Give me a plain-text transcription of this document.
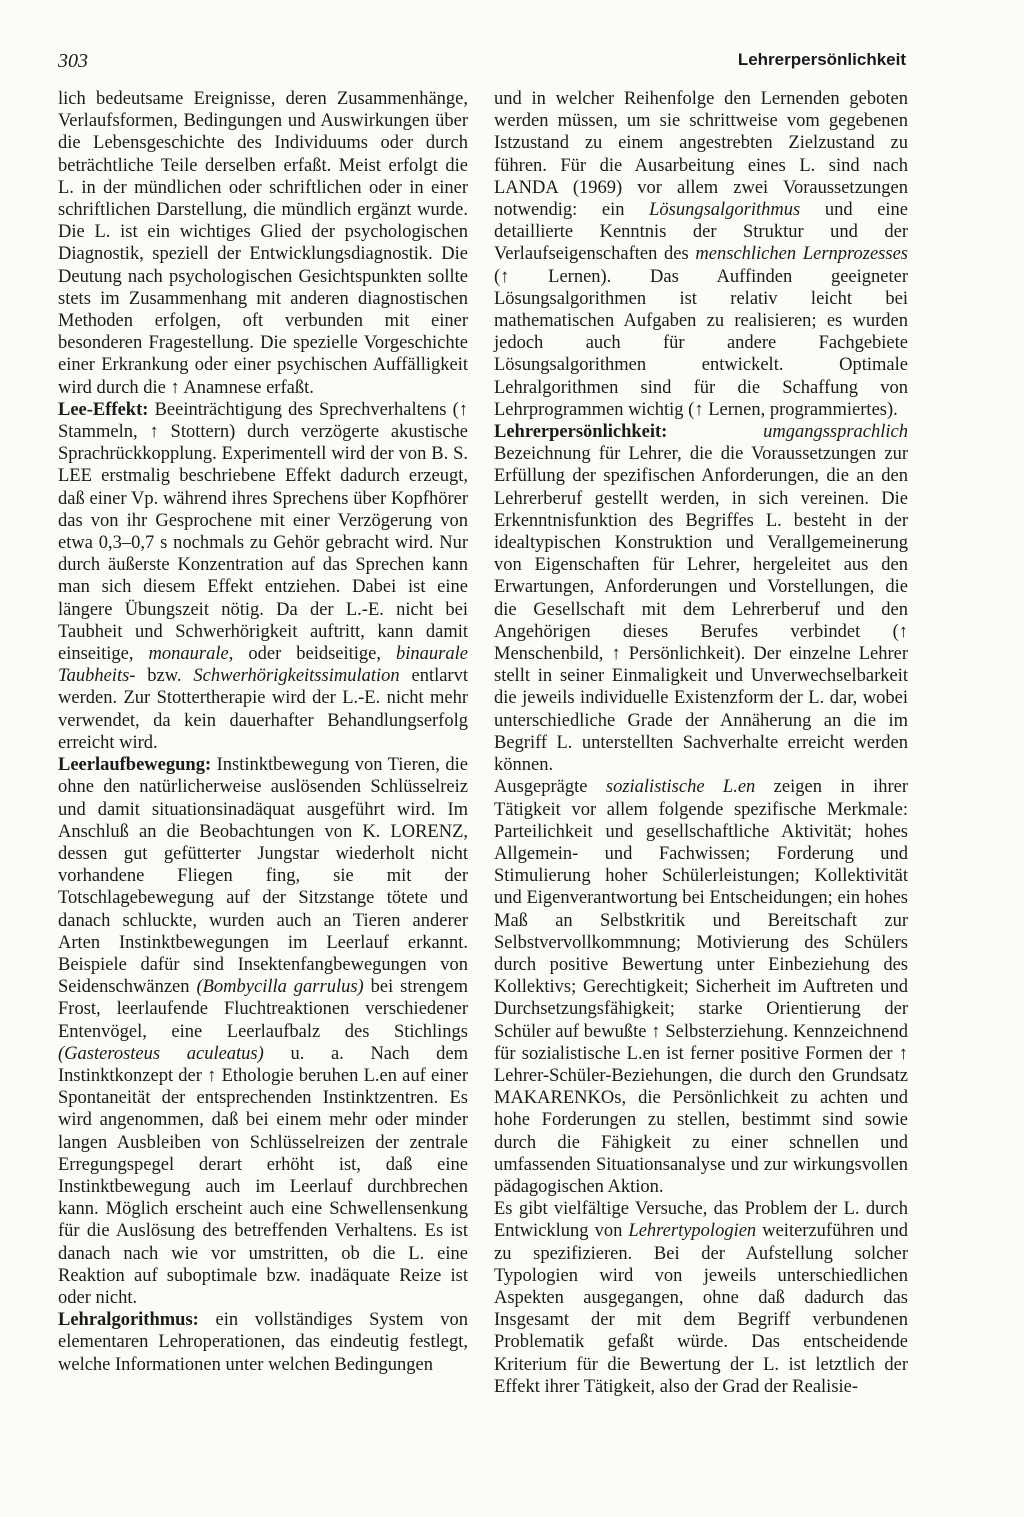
303	Lehrerpersönlichkeit

lich bedeutsame Ereignisse, deren Zusammenhänge, Verlaufsformen, Bedingungen und Auswirkungen über die Lebensgeschichte des Individuums oder durch beträchtliche Teile derselben erfaßt. Meist erfolgt die L. in der mündlichen oder schriftlichen oder in einer schriftlichen Darstellung, die mündlich ergänzt wurde. Die L. ist ein wichtiges Glied der psychologischen Diagnostik, speziell der Entwicklungsdiagnostik. Die Deutung nach psychologischen Gesichtspunkten sollte stets im Zusammenhang mit anderen diagnostischen Methoden erfolgen, oft verbunden mit einer besonderen Fragestellung. Die spezielle Vorgeschichte einer Erkrankung oder einer psychischen Auffälligkeit wird durch die ↑ Anamnese erfaßt.

Lee-Effekt: Beeinträchtigung des Sprechverhaltens (↑ Stammeln, ↑ Stottern) durch verzögerte akustische Sprachrückkopplung. Experimentell wird der von B. S. LEE erstmalig beschriebene Effekt dadurch erzeugt, daß einer Vp. während ihres Sprechens über Kopfhörer das von ihr Gesprochene mit einer Verzögerung von etwa 0,3–0,7 s nochmals zu Gehör gebracht wird. Nur durch äußerste Konzentration auf das Sprechen kann man sich diesem Effekt entziehen. Dabei ist eine längere Übungszeit nötig. Da der L.-E. nicht bei Taubheit und Schwerhörigkeit auftritt, kann damit einseitige, monaurale, oder beidseitige, binaurale Taubheits- bzw. Schwerhörigkeitssimulation entlarvt werden. Zur Stottertherapie wird der L.-E. nicht mehr verwendet, da kein dauerhafter Behandlungserfolg erreicht wird.

Leerlaufbewegung: Instinktbewegung von Tieren, die ohne den natürlicherweise auslösenden Schlüsselreiz und damit situationsinadäquat ausgeführt wird. Im Anschluß an die Beobachtungen von K. LORENZ, dessen gut gefütterter Jungstar wiederholt nicht vorhandene Fliegen fing, sie mit der Totschlagebewegung auf der Sitzstange tötete und danach schluckte, wurden auch an Tieren anderer Arten Instinktbewegungen im Leerlauf erkannt. Beispiele dafür sind Insektenfangbewegungen von Seidenschwänzen (Bombycilla garrulus) bei strengem Frost, leerlaufende Fluchtreaktionen verschiedener Entenvögel, eine Leerlaufbalz des Stichlings (Gasterosteus aculeatus) u. a. Nach dem Instinktkonzept der ↑ Ethologie beruhen L.en auf einer Spontaneität der entsprechenden Instinktzentren. Es wird angenommen, daß bei einem mehr oder minder langen Ausbleiben von Schlüsselreizen der zentrale Erregungspegel derart erhöht ist, daß eine Instinktbewegung auch im Leerlauf durchbrechen kann. Möglich erscheint auch eine Schwellensenkung für die Auslösung des betreffenden Verhaltens. Es ist danach nach wie vor umstritten, ob die L. eine Reaktion auf suboptimale bzw. inadäquate Reize ist oder nicht.

Lehralgorithmus: ein vollständiges System von elementaren Lehroperationen, das eindeutig festlegt, welche Informationen unter welchen Bedingungen

und in welcher Reihenfolge den Lernenden geboten werden müssen, um sie schrittweise vom gegebenen Istzustand zu einem angestrebten Zielzustand zu führen. Für die Ausarbeitung eines L. sind nach LANDA (1969) vor allem zwei Voraussetzungen notwendig: ein Lösungsalgorithmus und eine detaillierte Kenntnis der Struktur und der Verlaufseigenschaften des menschlichen Lernprozesses (↑ Lernen). Das Auffinden geeigneter Lösungsalgorithmen ist relativ leicht bei mathematischen Aufgaben zu realisieren; es wurden jedoch auch für andere Fachgebiete Lösungsalgorithmen entwickelt. Optimale Lehralgorithmen sind für die Schaffung von Lehrprogrammen wichtig (↑ Lernen, programmiertes).

Lehrerpersönlichkeit: umgangssprachlich Bezeichnung für Lehrer, die die Voraussetzungen zur Erfüllung der spezifischen Anforderungen, die an den Lehrerberuf gestellt werden, in sich vereinen. Die Erkenntnisfunktion des Begriffes L. besteht in der idealtypischen Konstruktion und Verallgemeinerung von Eigenschaften für Lehrer, hergeleitet aus den Erwartungen, Anforderungen und Vorstellungen, die die Gesellschaft mit dem Lehrerberuf und den Angehörigen dieses Berufes verbindet (↑ Menschenbild, ↑ Persönlichkeit). Der einzelne Lehrer stellt in seiner Einmaligkeit und Unverwechselbarkeit die jeweils individuelle Existenzform der L. dar, wobei unterschiedliche Grade der Annäherung an die im Begriff L. unterstellten Sachverhalte erreicht werden können.

Ausgeprägte sozialistische L.en zeigen in ihrer Tätigkeit vor allem folgende spezifische Merkmale: Parteilichkeit und gesellschaftliche Aktivität; hohes Allgemein- und Fachwissen; Forderung und Stimulierung hoher Schülerleistungen; Kollektivität und Eigenverantwortung bei Entscheidungen; ein hohes Maß an Selbstkritik und Bereitschaft zur Selbstvervollkommnung; Motivierung des Schülers durch positive Bewertung unter Einbeziehung des Kollektivs; Gerechtigkeit; Sicherheit im Auftreten und Durchsetzungsfähigkeit; starke Orientierung der Schüler auf bewußte ↑ Selbsterziehung. Kennzeichnend für sozialistische L.en ist ferner positive Formen der ↑ Lehrer-Schüler-Beziehungen, die durch den Grundsatz MAKARENKOs, die Persönlichkeit zu achten und hohe Forderungen zu stellen, bestimmt sind sowie durch die Fähigkeit zu einer schnellen und umfassenden Situationsanalyse und zur wirkungsvollen pädagogischen Aktion.

Es gibt vielfältige Versuche, das Problem der L. durch Entwicklung von Lehrertypologien weiterzuführen und zu spezifizieren. Bei der Aufstellung solcher Typologien wird von jeweils unterschiedlichen Aspekten ausgegangen, ohne daß dadurch das Insgesamt der mit dem Begriff verbundenen Problematik gefaßt würde. Das entscheidende Kriterium für die Bewertung der L. ist letztlich der Effekt ihrer Tätigkeit, also der Grad der Realisie-
